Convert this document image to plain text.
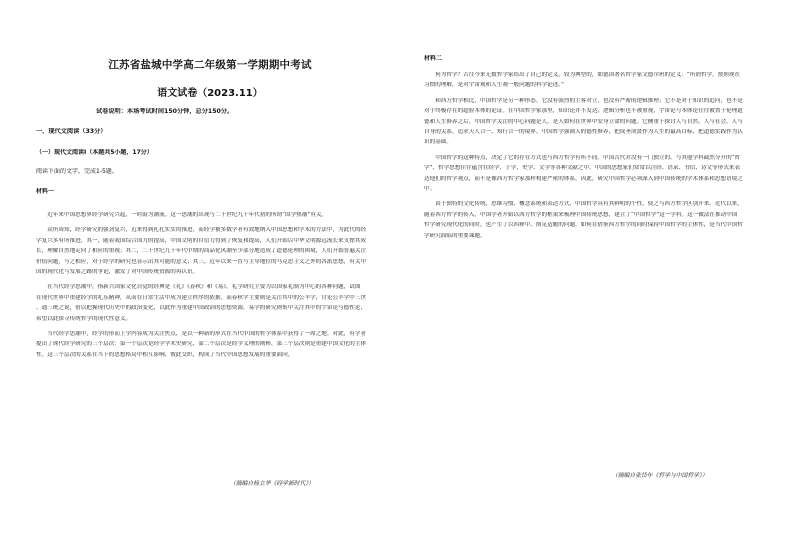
江苏省盐城中学高二年级第一学期期中考试
语文试卷（2023.11）
试卷说明：本场考试时间150分钟，总分150分。
一、现代文阅读（33分）
（一）现代文阅读Ⅰ（本题共5小题，17分）
阅读下面的文字，完成1-5题。
材料一
　　近年来中国思想界经学研究兴起，一时蔚为潮流。这一思潮的出现与二十世纪九十年代初的所谓“国学热潮”有关。
　　众所周知，经学研究的强劲复兴，近来得到扎扎实实的推进，而经学被多数学者有效地纳入中国思想和学术的方法中，为此代的经
学复兴多有所推进，其一，随着我国综合国力的提高，中国文明的自信力得到了恢复和提高，人们开始以中华文明源远流长来支撑其成
长，理解自然地走向了相应的重视；其二，二十世纪九十年代中期的商品化风潮至少部分地造成了道德伦理的困境，人们开始普遍关注
价值问题，与之相应，对于经学的研究也显示出其可能的意义；其三，近年以来一直与主导地位的马克思主义之外的各派思想，有关中
国的现代化与发展之路的争论，激发了对中国传统资源的再认识。
　　在当代经学思潮中，指新兴国家文化自觉的经典是《礼》《春秋》和《易》。礼学研究主要为以国家礼制为中心的各种问题，试图
在现代世界中重建经学的礼乐精神，从而在日常生活中成为建立秩序的依据。而春秋学主要则是关注其中的公羊学，讨论公羊学中三世
、通三统之说，借以把握现代历史中的政治变化，以此作为重建中国政治的思想资源。易学的研究则集中关注其中的宇宙论与德性论，
希望以此探寻传统哲学的现代性意义。
　　当代经学思潮中，经学的形而上学内容成为关注焦点，是以一种新的形式在当代中国的哲学体系中获得了一席之地。对此，有学者
提出了现代经学研究的三个层次：第一个层次是经学学术史研究，第二个层次是经学义理的阐释，第三个层次则是重建中国文化的主体
性。这三个层次的关系在当下的思想格局中相互影响、彼此交织，构成了当代中国思想发展的重要面向。
（摘编自杨立华《经学新时代》）
材料二
　　何为哲学？古往今来无数哲学家给出了自己的定义，较为典型的，如德国著名哲学家文德尔班的定义：“所谓哲学，按照现在
习惯的理解，是对宇宙观和人生观一般问题的科学论述。”
　　和西方哲学相比，中国哲学是另一种形态。它没有强烈的主客对立，也没有严密的逻辑推理；它不是对于知识的追问，也不是
对于终极存在的超验本体的论证。在中国哲学家那里，知识论并不发达，逻辑分析也不被重视，宇宙论与本体论往往被置于伦理道
德和人生修养之后。中国哲学关注的中心问题是人，是人如何在世界中安身立命的问题。它侧重于探讨人与自然、人与社会、人与
自身的关系，追求天人合一、知行合一的境界。中国哲学强调人的德性修养，把成圣成贤作为人生的最高目标，把道德实践作为认
识的基础。
　　中国哲学的这种特点，决定了它的存在方式也与西方哲学有所不同。中国古代并没有一门独立的、与其他学科截然分开的“哲
学”，哲学思想往往蕴含在经学、子学、史学、文学等各种文献之中。中国的思想家们常常以注经、语录、书信、诗文等形式来表
达他们的哲学观点，而不是像西方哲学家那样构建严密的体系。因此，研究中国哲学必须深入到中国传统的学术体系和思想语境之
中。
　　由于独特的文化传统、思维习惯、概念系统和表达方式，中国哲学具有其鲜明的个性，使之与西方哲学区别开来。近代以来，
随着西方哲学的传入，中国学者开始以西方哲学的框架来梳理中国传统思想，建立了“中国哲学”这一学科。这一做法在推动中国
哲学研究现代化的同时，也产生了以西释中、削足适履的问题。如何在借鉴西方哲学的同时保持中国哲学的主体性，是当代中国哲
学研究面临的重要课题。
（摘编自张岱年《哲学与中国哲学》）
